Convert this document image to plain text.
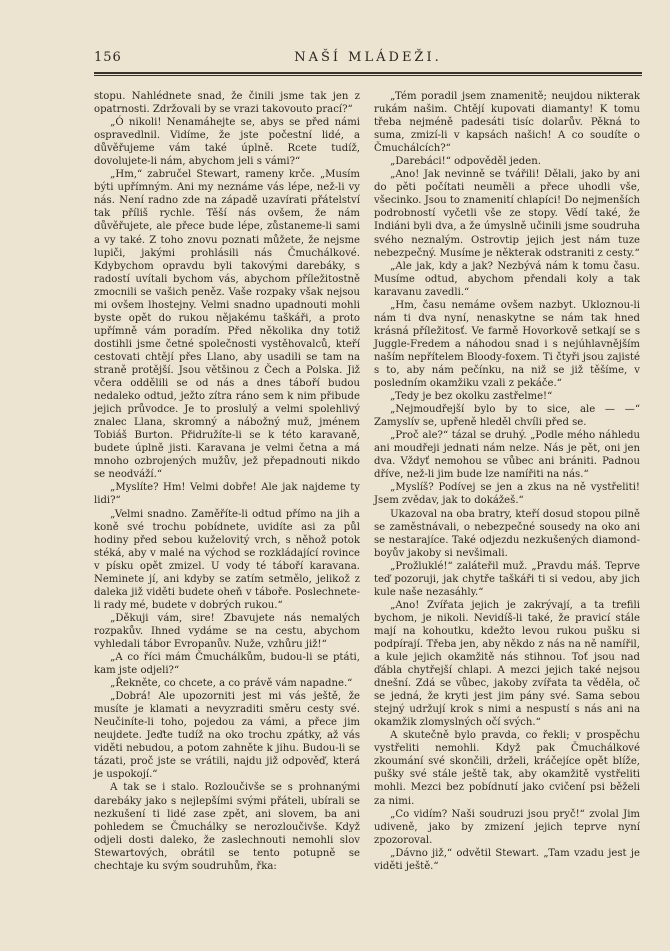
156	NAŠÍ MLÁDEŽI.

stopu. Nahlédnete snad, že činili jsme tak jen z opatrnosti. Zdržovali by se vrazi takovouto prací?“

„Ó nikoli! Nenamáhejte se, abys se před námi ospravedlnil. Vidíme, že jste počestní lidé, a důvěřujeme vám také úplně. Rcete tudíž, dovolujete-li nám, abychom jeli s vámi?“

„Hm,“ zabručel Stewart, rameny krče. „Musím býti upřímným. Ani my neznáme vás lépe, než-li vy nás. Není radno zde na západě uzavírati přátelství tak příliš rychle. Těší nás ovšem, že nám důvěřujete, ale přece bude lépe, zůstaneme-li sami a vy také. Z toho znovu poznati můžete, že nejsme lupiči, jakými prohlásili nás Čmuchálkové. Kdybychom opravdu byli takovými darebáky, s radostí uvítali bychom vás, abychom příležitostně zmocnili se vašich peněz. Vaše rozpaky však nejsou mi ovšem lhostejny. Velmi snadno upadnouti mohli byste opět do rukou nějakému taškáři, a proto upřímně vám poradím. Před několika dny totiž dostihli jsme četné společnosti vystěhovalců, kteří cestovati chtějí přes Llano, aby usadili se tam na straně protější. Jsou většinou z Čech a Polska. Již včera oddělili se od nás a dnes táboří budou nedaleko odtud, ježto zítra ráno sem k nim přibude jejich průvodce. Je to proslulý a velmi spolehlivý znalec Llana, skromný a nábožný muž, jménem Tobiáš Burton. Přidružíte-li se k této karavaně, budete úplně jisti. Karavana je velmi četna a má mnoho ozbrojených mužův, jež přepadnouti nikdo se neodváží.“

„Myslíte? Hm! Velmi dobře! Ale jak najdeme ty lidi?“

„Velmi snadno. Zaměříte-li odtud přímo na jih a koně své trochu pobídnete, uvidíte asi za půl hodiny před sebou kuželovitý vrch, s něhož potok stéká, aby v malé na východ se rozkládající rovince v písku opět zmizel. U vody té táboří karavana. Neminete jí, ani kdyby se zatím setmělo, jelikož z daleka již viděti budete oheň v táboře. Poslechnete-li rady mé, budete v dobrých rukou.“

„Děkuji vám, sire! Zbavujete nás nemalých rozpakův. Ihned vydáme se na cestu, abychom vyhledali tábor Evropanův. Nuže, vzhůru již!“

„A co říci mám Čmuchálkům, budou-li se ptáti, kam jste odjeli?“

„Řekněte, co chcete, a co právě vám napadne.“

„Dobrá! Ale upozorniti jest mi vás ještě, že musíte je klamati a nevyzraditi směru cesty své. Neučiníte-li toho, pojedou za vámi, a přece jim neujdete. Jeďte tudíž na oko trochu zpátky, až vás viděti nebudou, a potom zahněte k jihu. Budou-li se tázati, proč jste se vrátili, najdu již odpověď, která je uspokojí.“

A tak se i stalo. Rozloučivše se s prohnanými darebáky jako s nejlepšími svými přáteli, ubírali se nezkušení ti lidé zase zpět, ani slovem, ba ani pohledem se Čmuchálky se nerozloučivše. Když odjeli dosti daleko, že zaslechnouti nemohli slov Stewartových, obrátil se tento potupně se chechtaje ku svým soudruhům, řka:

„Tém poradil jsem znamenitě; neujdou nikterak rukám našim. Chtějí kupovati diamanty! K tomu třeba nejméně padesáti tisíc dolarův. Pěkná to suma, zmizí-li v kapsách našich! A co soudíte o Čmuchálcích?“

„Darebáci!“ odpověděl jeden.

„Ano! Jak nevinně se tvářili! Dělali, jako by ani do pěti počítati neuměli a přece uhodli vše, všecinko. Jsou to znamenití chlapíci! Do nejmenších podrobností vyčetli vše ze stopy. Vědí také, že Indiáni byli dva, a že úmyslně učinili jsme soudruha svého neznalým. Ostrovtip jejich jest nám tuze nebezpečný. Musíme je některak odstraniti z cesty.“

„Ale jak, kdy a jak? Nezbývá nám k tomu času. Musíme odtud, abychom přendali koly a tak karavanu zavedli.“

„Hm, času nemáme ovšem nazbyt. Ukloznou-li nám ti dva nyní, nenaskytne se nám tak hned krásná příležitosť. Ve farmě Hovorkově setkají se s Juggle-Fredem a náhodou snad i s nejúhlavnějším naším nepřítelem Bloody-foxem. Ti čtyři jsou zajisté s to, aby nám pečínku, na niž se již těšíme, v posledním okamžiku vzali z pekáče.“

„Tedy je bez okolku zastřelme!“

„Nejmoudřejší bylo by to sice, ale — —“ Zamyslív se, upřeně hleděl chvíli před se.

„Proč ale?“ tázal se druhý. „Podle mého náhledu ani moudřeji jednati nám nelze. Nás je pět, oni jen dva. Vždyť nemohou se vůbec ani brániti. Padnou dříve, než-li jim bude lze namířiti na nás.“

„Myslíš? Podívej se jen a zkus na ně vystřeliti! Jsem zvědav, jak to dokážeš.“

Ukazoval na oba bratry, kteří dosud stopou pilně se zaměstnávali, o nebezpečné sousedy na oko ani se nestarajíce. Také odjezdu nezkušených diamond-boyův jakoby si nevšimali.

„Prožluklé!“ zaláteřil muž. „Pravdu máš. Teprve teď pozoruji, jak chytře taškáři ti si vedou, aby jich kule naše nezasáhly.“

„Ano! Zvířata jejich je zakrývají, a ta trefili bychom, je nikoli. Nevidíš-li také, že pravicí stále mají na kohoutku, kdežto levou rukou pušku si podpírají. Třeba jen, aby někdo z nás na ně namířil, a kule jejich okamžitě nás stihnou. Toť jsou nad ďábla chytřejší chlapi. A mezci jejich také nejsou dnešní. Zdá se vůbec, jakoby zvířata ta věděla, oč se jedná, že kryti jest jim pány své. Sama sebou stejný udržují krok s nimi a nespustí s nás ani na okamžik zlomyslných očí svých.“

A skutečně bylo pravda, co řekli; v prospěchu vystřeliti nemohli. Když pak Čmuchálkové zkoumání své skončili, drželi, kráčejíce opět blíže, pušky své stále ještě tak, aby okamžitě vystřeliti mohli. Mezci bez pobídnutí jako cvičení psi běželi za nimi.

„Co vidím? Naši soudruzi jsou pryč!“ zvolal Jim udiveně, jako by zmizení jejich teprve nyní zpozoroval.

„Dávno již,“ odvětil Stewart. „Tam vzadu jest je viděti ještě.“
